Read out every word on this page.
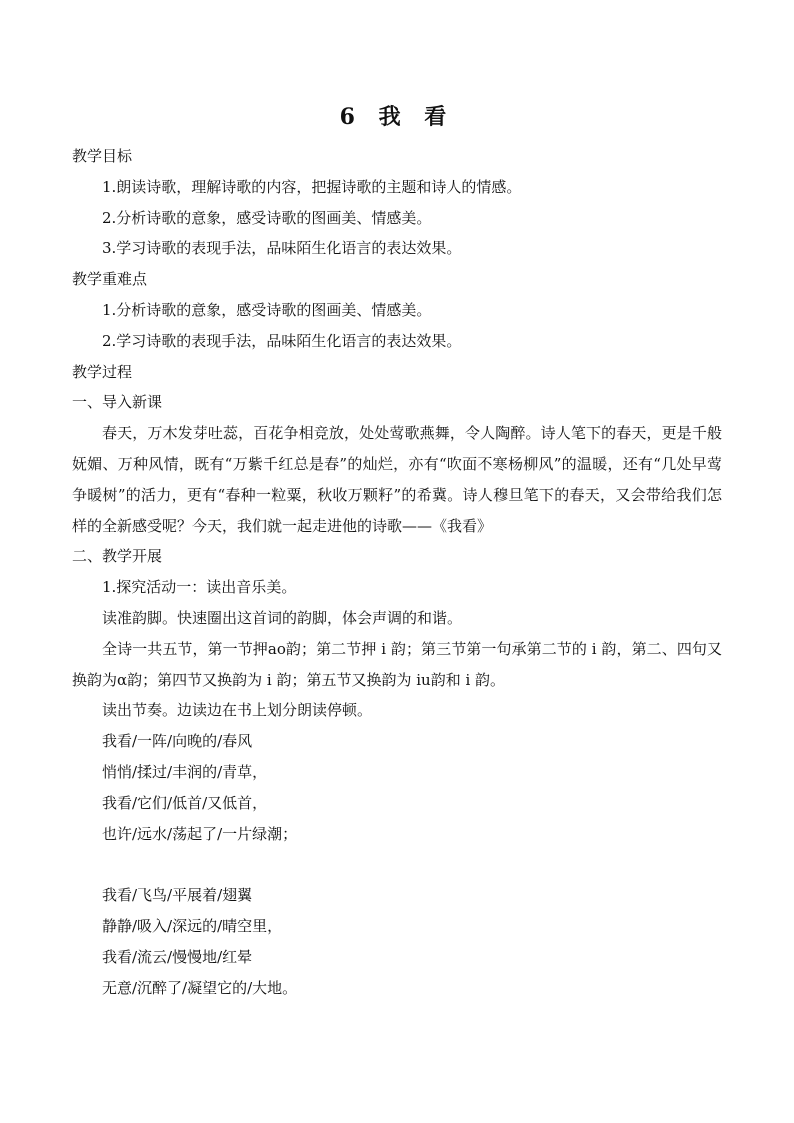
6 我 看

教学目标

1.朗读诗歌，理解诗歌的内容，把握诗歌的主题和诗人的情感。

2.分析诗歌的意象，感受诗歌的图画美、情感美。

3.学习诗歌的表现手法，品味陌生化语言的表达效果。

教学重难点

1.分析诗歌的意象，感受诗歌的图画美、情感美。

2.学习诗歌的表现手法，品味陌生化语言的表达效果。

教学过程

一、导入新课

春天，万木发芽吐蕊，百花争相竞放，处处莺歌燕舞，令人陶醉。诗人笔下的春天，更是千般妩媚、万种风情，既有“万紫千红总是春”的灿烂，亦有“吹面不寒杨柳风”的温暖，还有“几处早莺争暖树”的活力，更有“春种一粒粟，秋收万颗籽”的希冀。诗人穆旦笔下的春天，又会带给我们怎样的全新感受呢？今天，我们就一起走进他的诗歌——《我看》

二、教学开展

1.探究活动一：读出音乐美。

读准韵脚。快速圈出这首词的韵脚，体会声调的和谐。

全诗一共五节，第一节押ao韵；第二节押 i 韵；第三节第一句承第二节的 i 韵，第二、四句又换韵为α韵；第四节又换韵为 i 韵；第五节又换韵为 iu韵和 i 韵。

读出节奏。边读边在书上划分朗读停顿。

我看/一阵/向晚的/春风

悄悄/揉过/丰润的/青草，

我看/它们/低首/又低首，

也许/远水/荡起了/一片绿潮；

我看/飞鸟/平展着/翅翼

静静/吸入/深远的/晴空里，

我看/流云/慢慢地/红晕

无意/沉醉了/凝望它的/大地。
